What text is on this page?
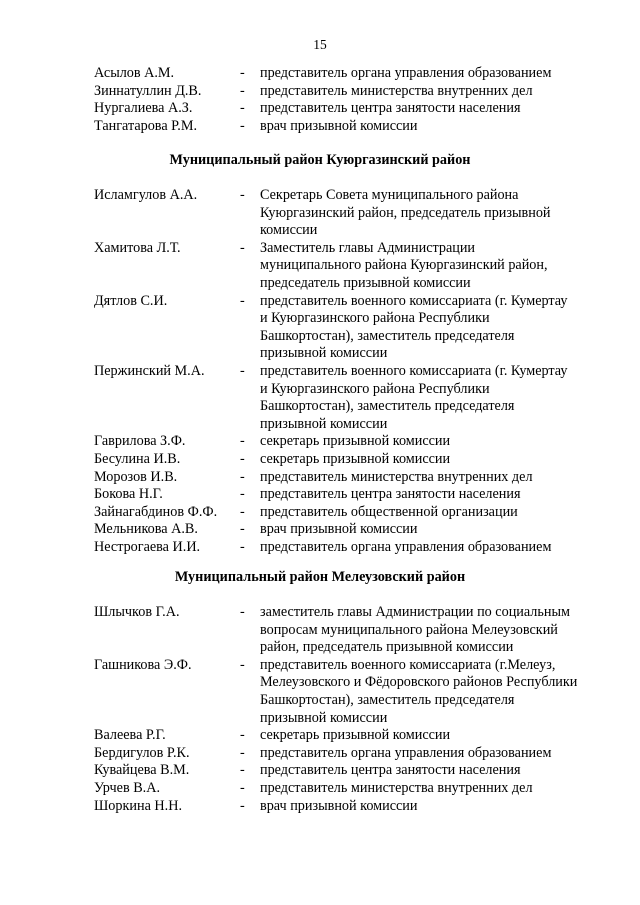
15
Асылов А.М.	- представитель органа управления образованием
Зиннатуллин Д.В.	- представитель министерства внутренних дел
Нургалиева А.З.	- представитель центра занятости населения
Тангатарова Р.М.	- врач призывной комиссии
Муниципальный район Куюргазинский район
Исламгулов А.А.	- Секретарь Совета муниципального района
Куюргазинский район, председатель призывной
комиссии
Хамитова Л.Т.	- Заместитель главы Администрации
муниципального района Куюргазинский район,
председатель призывной комиссии
Дятлов С.И.	- представитель военного комиссариата (г. Кумертау
и Куюргазинского района Республики
Башкортостан), заместитель председателя
призывной комиссии
Пержинский М.А. - представитель военного комиссариата (г. Кумертау
и Куюргазинского района Республики
Башкортостан), заместитель председателя
призывной комиссии
Гаврилова З.Ф.	- секретарь призывной комиссии
Бесулина И.В.	- секретарь призывной комиссии
Морозов И.В.	- представитель министерства внутренних дел
Бокова Н.Г.	- представитель центра занятости населения
Зайнагабдинов Ф.Ф. - представитель общественной организации
Мельникова А.В.	- врач призывной комиссии
Нестрогаева И.И.	- представитель органа управления образованием
Муниципальный район Мелеузовский район
Шлычков Г.А.	- заместитель главы Администрации по социальным
вопросам муниципального района Мелеузовский
район, председатель призывной комиссии
Гашникова Э.Ф.	- представитель военного комиссариата (г.Мелеуз,
Мелеузовского и Фёдоровского районов Республики
Башкортостан), заместитель председателя
призывной комиссии
Валеева Р.Г.	- секретарь призывной комиссии
Бердигулов Р.К.	- представитель органа управления образованием
Кувайцева В.М.	- представитель центра занятости населения
Урчев В.А.	- представитель министерства внутренних дел
Шоркина Н.Н.	- врач призывной комиссии
